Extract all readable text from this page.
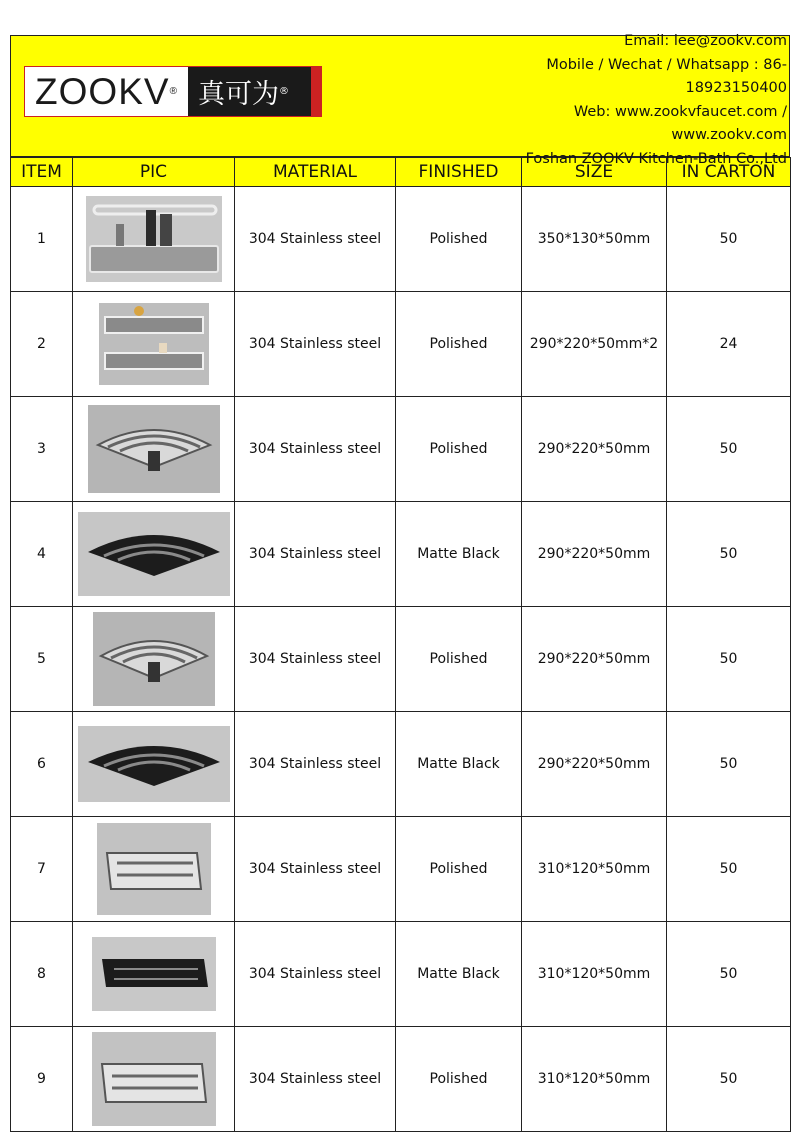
ZOOKV ® 真可为 ®
Email: lee@zookv.com
Mobile / Wechat / Whatsapp : 86-
18923150400
Web: www.zookvfaucet.com /
www.zookv.com
Foshan ZOOKV Kitchen-Bath Co.,Ltd
ITEM	PIC	MATERIAL	FINISHED	SIZE	IN CARTON
1		304 Stainless steel	Polished	350*130*50mm	50
2		304 Stainless steel	Polished	290*220*50mm*2	24
3		304 Stainless steel	Polished	290*220*50mm	50
4		304 Stainless steel	Matte Black	290*220*50mm	50
5		304 Stainless steel	Polished	290*220*50mm	50
6		304 Stainless steel	Matte Black	290*220*50mm	50
7		304 Stainless steel	Polished	310*120*50mm	50
8		304 Stainless steel	Matte Black	310*120*50mm	50
9		304 Stainless steel	Polished	310*120*50mm	50
